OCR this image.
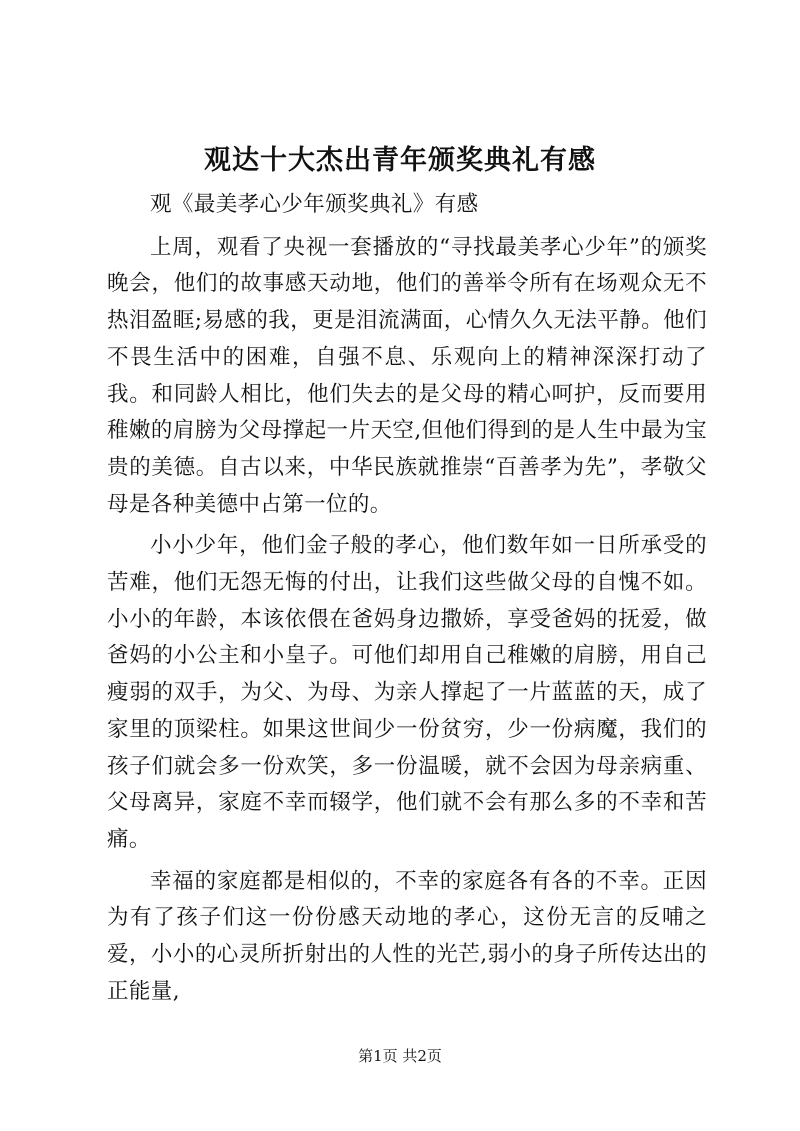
观达十大杰出青年颁奖典礼有感

观《最美孝心少年颁奖典礼》有感

上周，观看了央视一套播放的“寻找最美孝心少年”的颁奖晚会，他们的故事感天动地，他们的善举令所有在场观众无不热泪盈眶;易感的我，更是泪流满面，心情久久无法平静。他们不畏生活中的困难，自强不息、乐观向上的精神深深打动了我。和同龄人相比，他们失去的是父母的精心呵护，反而要用稚嫩的肩膀为父母撑起一片天空,但他们得到的是人生中最为宝贵的美德。自古以来，中华民族就推崇“百善孝为先”，孝敬父母是各种美德中占第一位的。

小小少年，他们金子般的孝心，他们数年如一日所承受的苦难，他们无怨无悔的付出，让我们这些做父母的自愧不如。小小的年龄，本该依偎在爸妈身边撒娇，享受爸妈的抚爱，做爸妈的小公主和小皇子。可他们却用自己稚嫩的肩膀，用自己瘦弱的双手，为父、为母、为亲人撑起了一片蓝蓝的天，成了家里的顶梁柱。如果这世间少一份贫穷，少一份病魔，我们的孩子们就会多一份欢笑，多一份温暖，就不会因为母亲病重、父母离异，家庭不幸而辍学，他们就不会有那么多的不幸和苦痛。

幸福的家庭都是相似的，不幸的家庭各有各的不幸。正因为有了孩子们这一份份感天动地的孝心，这份无言的反哺之爱，小小的心灵所折射出的人性的光芒,弱小的身子所传达出的正能量,

第1页 共2页
